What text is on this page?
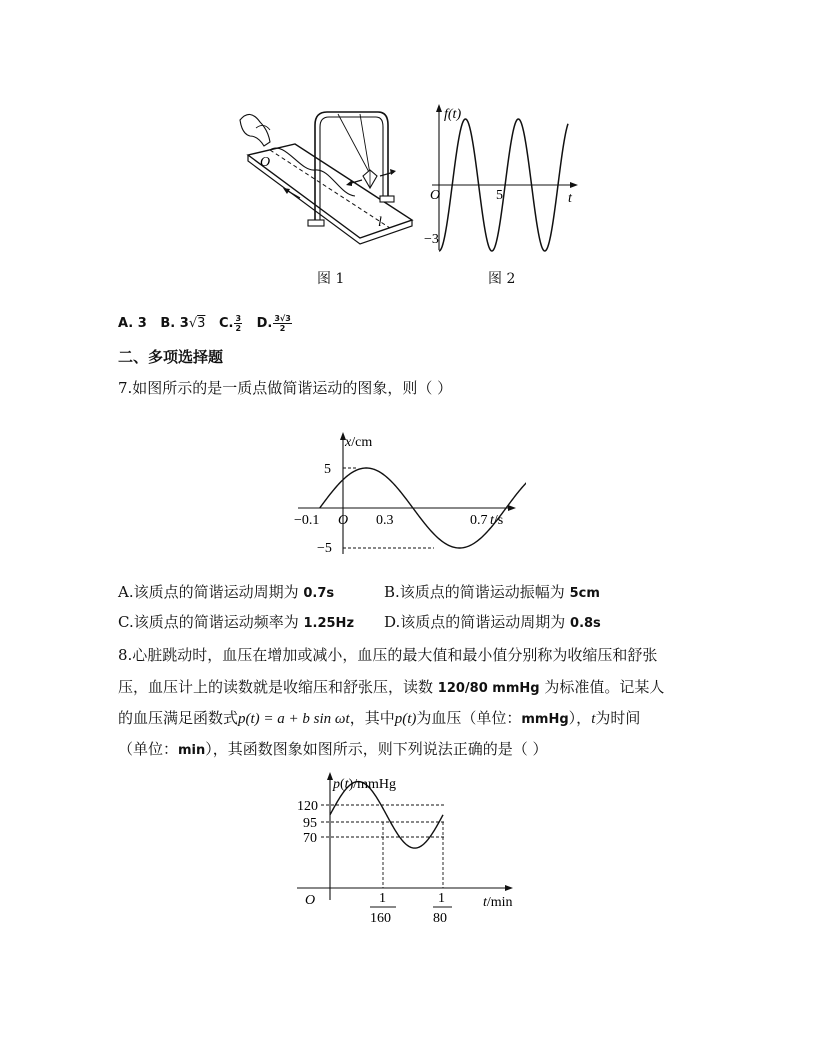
O
l
图 1
f(t)
t
O	5
−3
图 2
A. 3 B. 3√3 C. $\frac{3}{2} D$. $\frac{3√3}{2}$
二、多项选择题
7.如图所示的是一质点做简谐运动的图象，则（ ）
x/cm
t/s
5
−5
−0.1 O 0.3	0.7
A.该质点的简谐运动周期为 0.7s	B.该质点的简谐运动振幅为 5cm
C.该质点的简谐运动频率为 1.25Hz D.该质点的简谐运动周期为 0.8s
8.心脏跳动时，血压在增加或减小，血压的最大值和最小值分别称为收缩压和舒张
压，血压计上的读数就是收缩压和舒张压，读数 120/80 mmHg 为标准值。记某人
的血压满足函数式p(t) = a + b sin ωt，其中p(t)为血压（单位：mmHg），t为时间
（单位：min），其函数图象如图所示，则下列说法正确的是（ ）
p(t)/mmHg
t/min
120
95
70
O	1
160
1
80
